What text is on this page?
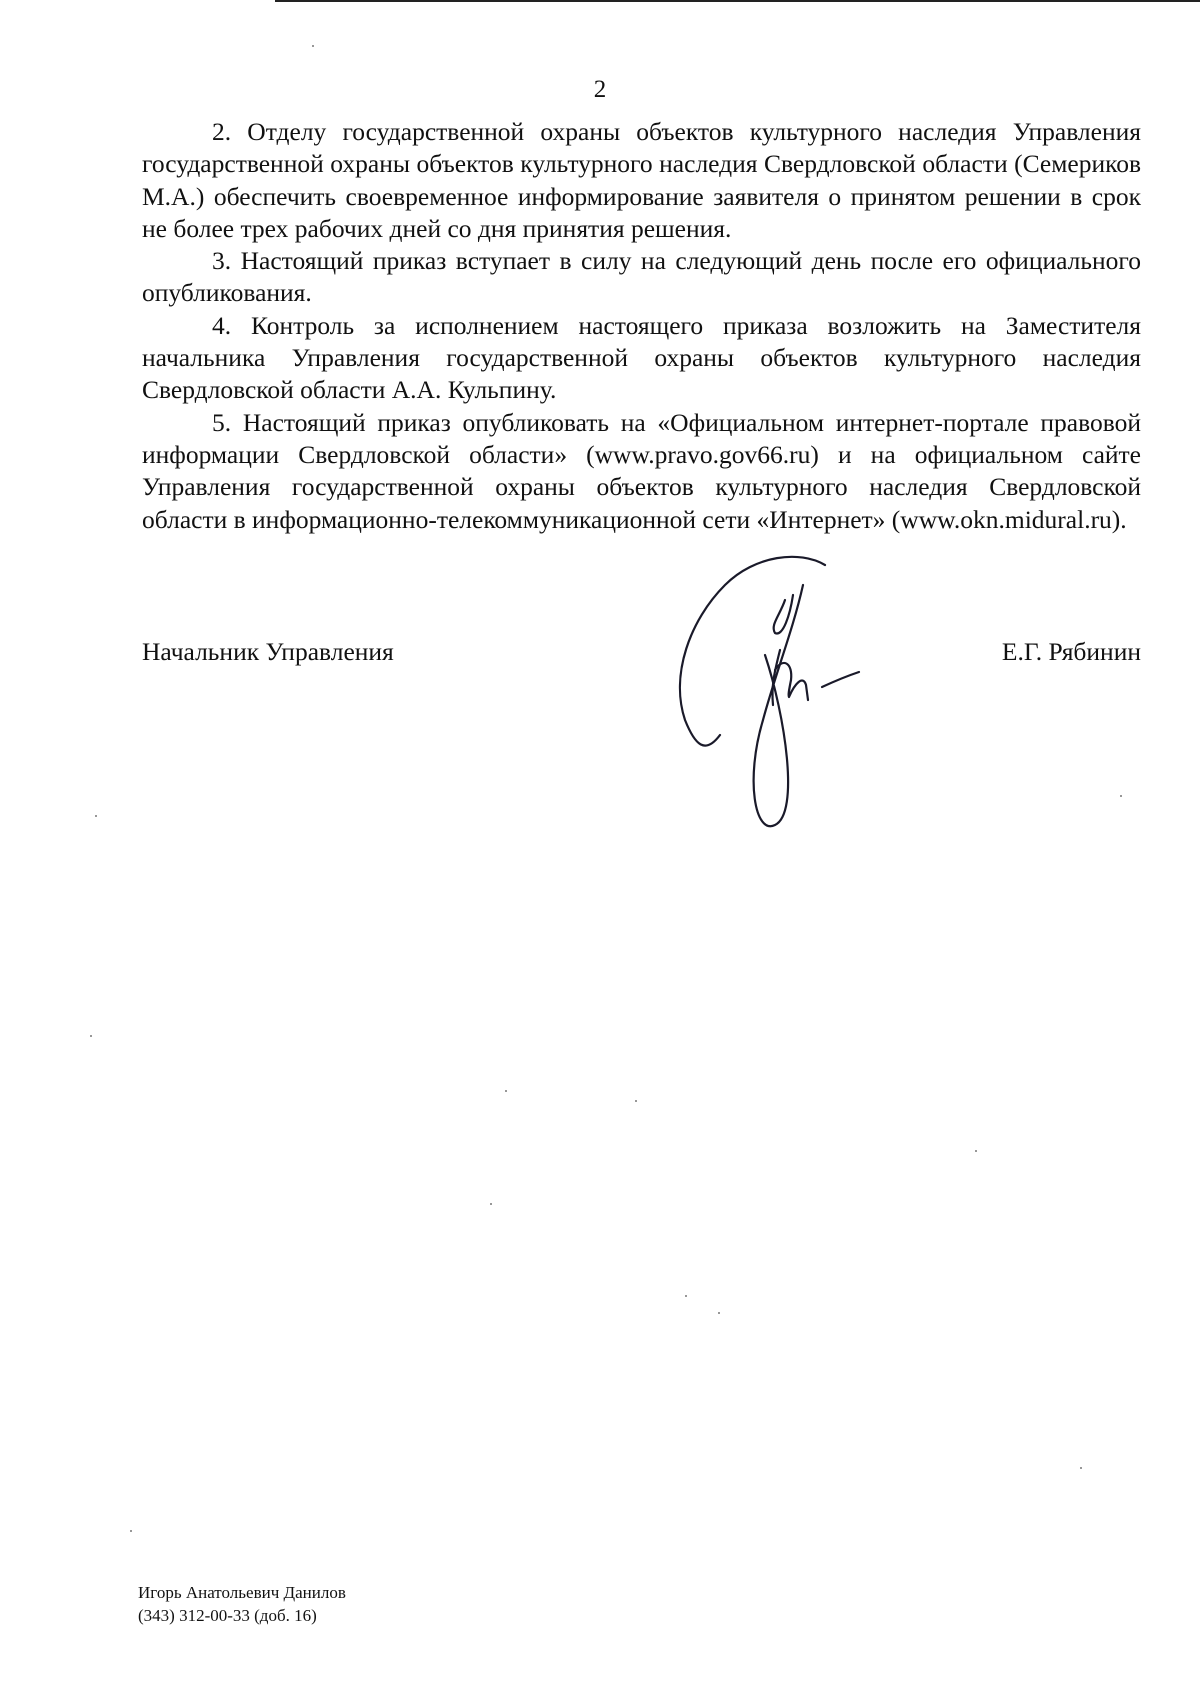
2

2. Отделу государственной охраны объектов культурного наследия Управления государственной охраны объектов культурного наследия Свердловской области (Семериков М.А.) обеспечить своевременное информирование заявителя о принятом решении в срок не более трех рабочих дней со дня принятия решения.

3. Настоящий приказ вступает в силу на следующий день после его официального опубликования.

4. Контроль за исполнением настоящего приказа возложить на Заместителя начальника Управления государственной охраны объектов культурного наследия Свердловской области А.А. Кульпину.

5. Настоящий приказ опубликовать на «Официальном интернет-портале правовой информации Свердловской области» (www.pravo.gov66.ru) и на официальном сайте Управления государственной охраны объектов культурного наследия Свердловской области в информационно-телекоммуникационной сети «Интернет» (www.okn.midural.ru).

Начальник Управления	Е.Г. Рябинин
Игорь Анатольевич Данилов
(343) 312-00-33 (доб. 16)
